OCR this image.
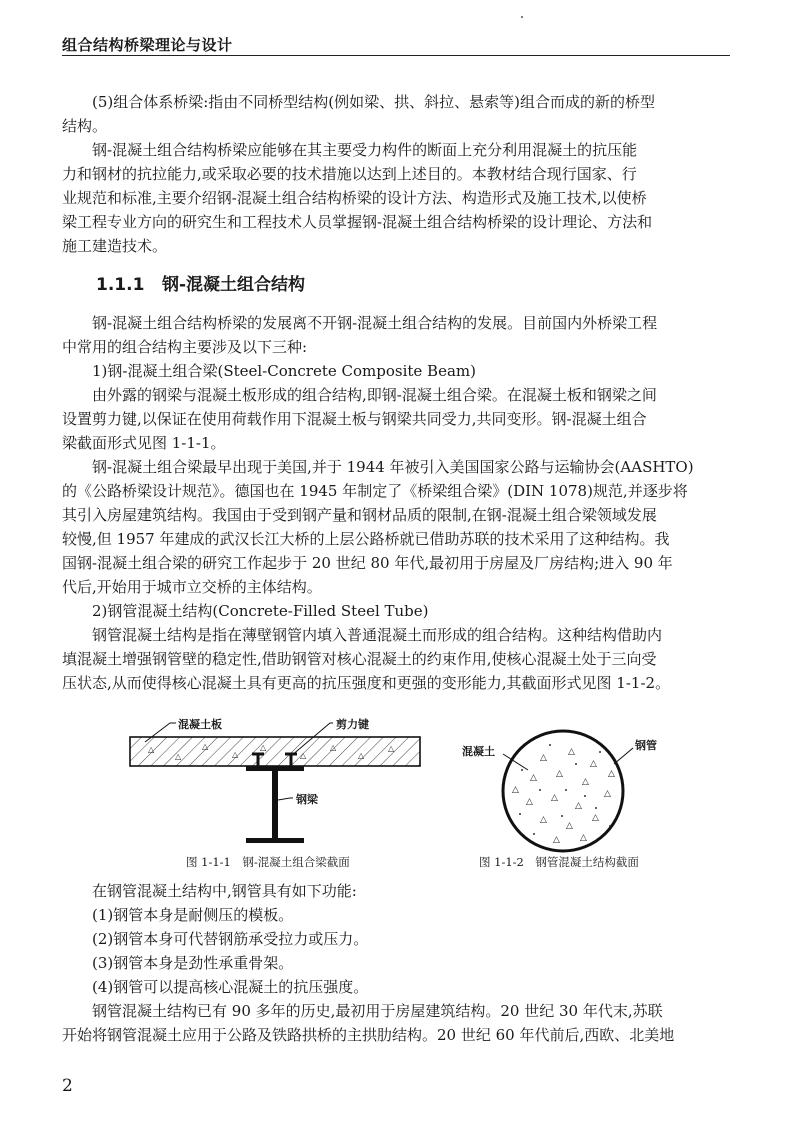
组合结构桥梁理论与设计
　　(5)组合体系桥梁:指由不同桥型结构(例如梁、拱、斜拉、悬索等)组合而成的新的桥型
结构。
　　钢-混凝土组合结构桥梁应能够在其主要受力构件的断面上充分利用混凝土的抗压能
力和钢材的抗拉能力,或采取必要的技术措施以达到上述目的。本教材结合现行国家、行
业规范和标准,主要介绍钢-混凝土组合结构桥梁的设计方法、构造形式及施工技术,以使桥
梁工程专业方向的研究生和工程技术人员掌握钢-混凝土组合结构桥梁的设计理论、方法和
施工建造技术。
1.1.1 钢-混凝土组合结构
　　钢-混凝土组合结构桥梁的发展离不开钢-混凝土组合结构的发展。目前国内外桥梁工程
中常用的组合结构主要涉及以下三种:
　　1)钢-混凝土组合梁(Steel-Concrete Composite Beam)
　　由外露的钢梁与混凝土板形成的组合结构,即钢-混凝土组合梁。在混凝土板和钢梁之间
设置剪力键,以保证在使用荷载作用下混凝土板与钢梁共同受力,共同变形。钢-混凝土组合
梁截面形式见图 1-1-1。
　　钢-混凝土组合梁最早出现于美国,并于 1944 年被引入美国国家公路与运输协会(AASHTO)
的《公路桥梁设计规范》。德国也在 1945 年制定了《桥梁组合梁》(DIN 1078)规范,并逐步将
其引入房屋建筑结构。我国由于受到钢产量和钢材品质的限制,在钢-混凝土组合梁领域发展
较慢,但 1957 年建成的武汉长江大桥的上层公路桥就已借助苏联的技术采用了这种结构。我
国钢-混凝土组合梁的研究工作起步于 20 世纪 80 年代,最初用于房屋及厂房结构;进入 90 年
代后,开始用于城市立交桥的主体结构。
　　2)钢管混凝土结构(Concrete-Filled Steel Tube)
　　钢管混凝土结构是指在薄壁钢管内填入普通混凝土而形成的组合结构。这种结构借助内
填混凝土增强钢管壁的稳定性,借助钢管对核心混凝土的约束作用,使核心混凝土处于三向受
压状态,从而使得核心混凝土具有更高的抗压强度和更强的变形能力,其截面形式见图 1-1-2。
△
△
△
△
△
△
△
△
△
△
△
△
△ △
△
△
△ △
△
△
△
△
△ △
△
△
混凝土板	剪力键
钢梁
图 1-1-1　钢-混凝土组合梁截面
混凝土	钢管
图 1-1-2　钢管混凝土结构截面
　　在钢管混凝土结构中,钢管具有如下功能:
　　(1)钢管本身是耐侧压的模板。
　　(2)钢管本身可代替钢筋承受拉力或压力。
　　(3)钢管本身是劲性承重骨架。
　　(4)钢管可以提高核心混凝土的抗压强度。
　　钢管混凝土结构已有 90 多年的历史,最初用于房屋建筑结构。20 世纪 30 年代末,苏联
开始将钢管混凝土应用于公路及铁路拱桥的主拱肋结构。20 世纪 60 年代前后,西欧、北美地
2
